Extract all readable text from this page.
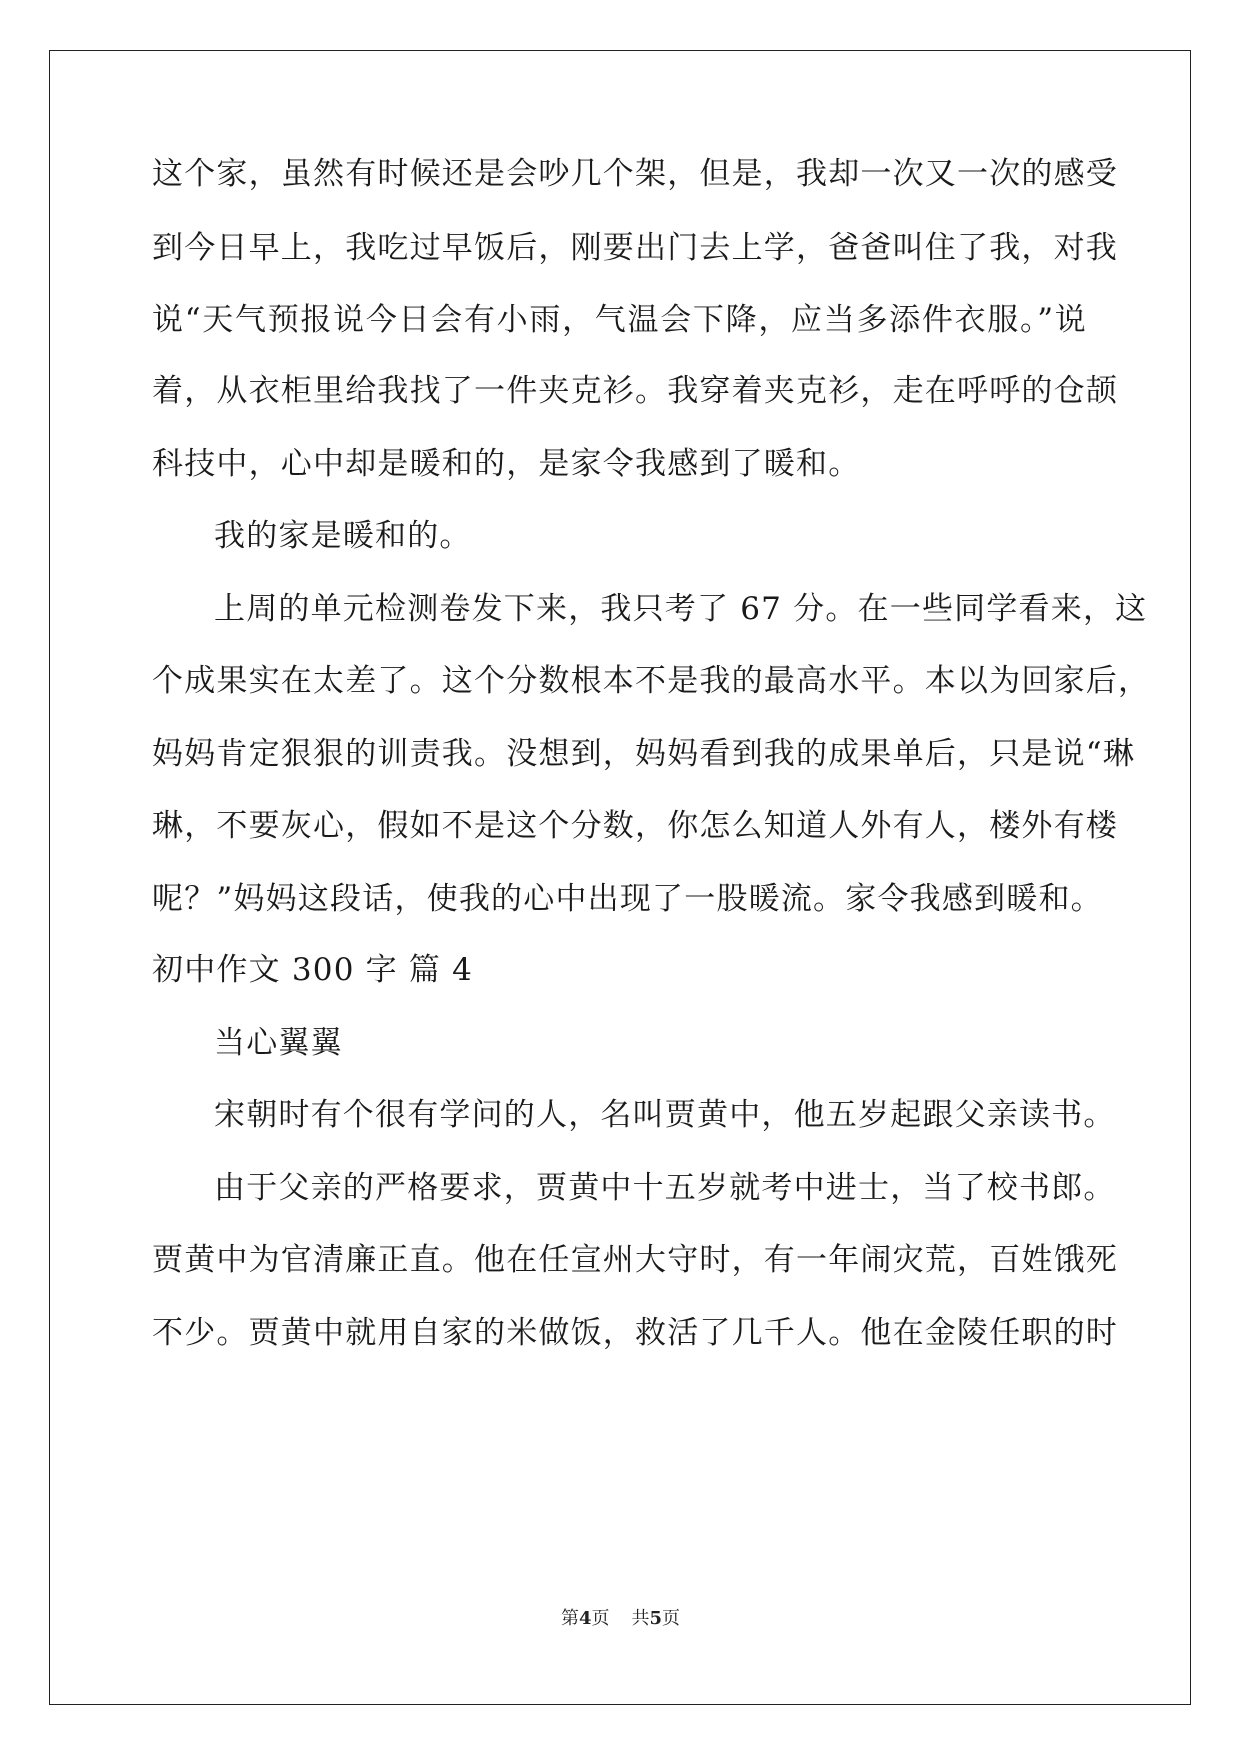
这个家，虽然有时候还是会吵几个架，但是，我却一次又一次的感受
到今日早上，我吃过早饭后，刚要出门去上学，爸爸叫住了我，对我
说“天气预报说今日会有小雨，气温会下降，应当多添件衣服。”说
着，从衣柜里给我找了一件夹克衫。我穿着夹克衫，走在呼呼的仓颉
科技中，心中却是暖和的，是家令我感到了暖和。
我的家是暖和的。
上周的单元检测卷发下来，我只考了 67 分。在一些同学看来，这
个成果实在太差了。这个分数根本不是我的最高水平。本以为回家后，
妈妈肯定狠狠的训责我。没想到，妈妈看到我的成果单后，只是说“琳
琳，不要灰心，假如不是这个分数，你怎么知道人外有人，楼外有楼
呢？”妈妈这段话，使我的心中出现了一股暖流。家令我感到暖和。
初中作文 300 字 篇 4
当心翼翼
宋朝时有个很有学问的人，名叫贾黄中，他五岁起跟父亲读书。
由于父亲的严格要求，贾黄中十五岁就考中进士，当了校书郎。
贾黄中为官清廉正直。他在任宣州大守时，有一年闹灾荒，百姓饿死
不少。贾黄中就用自家的米做饭，救活了几千人。他在金陵任职的时
第4页 共5页
